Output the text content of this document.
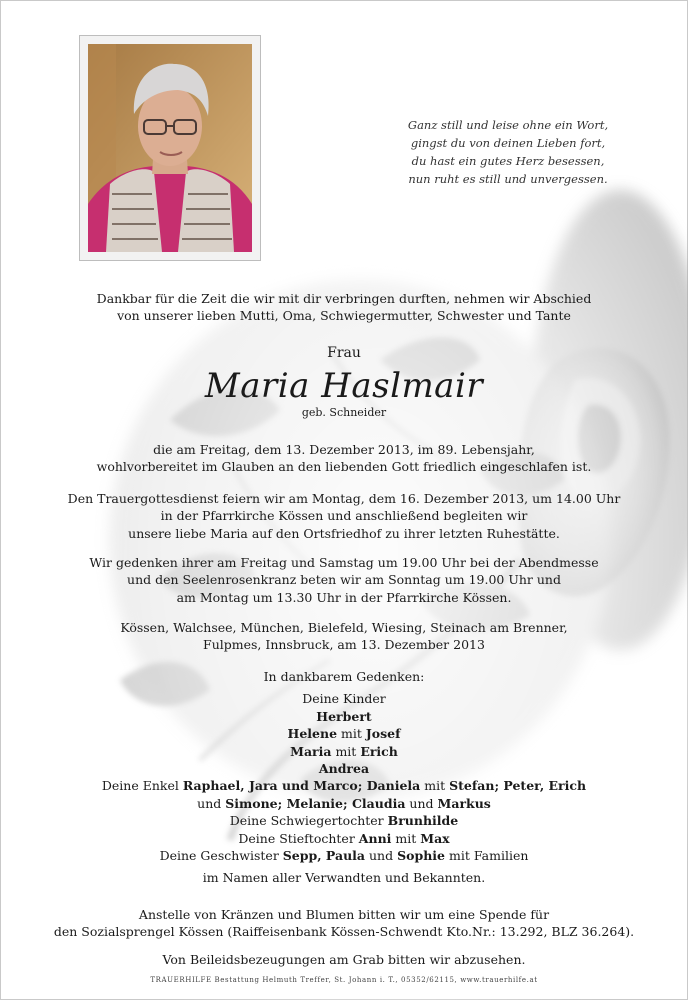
Ganz still und leise ohne ein Wort,
gingst du von deinen Lieben fort,
du hast ein gutes Herz besessen,
nun ruht es still und unvergessen.
Dankbar für die Zeit die wir mit dir verbringen durften, nehmen wir Abschied
von unserer lieben Mutti, Oma, Schwiegermutter, Schwester und Tante
Frau
Maria Haslmair
geb. Schneider
die am Freitag, dem 13. Dezember 2013, im 89. Lebensjahr,
wohlvorbereitet im Glauben an den liebenden Gott friedlich eingeschlafen ist.
Den Trauergottesdienst feiern wir am Montag, dem 16. Dezember 2013, um 14.00 Uhr
in der Pfarrkirche Kössen und anschließend begleiten wir
unsere liebe Maria auf den Ortsfriedhof zu ihrer letzten Ruhestätte.
Wir gedenken ihrer am Freitag und Samstag um 19.00 Uhr bei der Abendmesse
und den Seelenrosenkranz beten wir am Sonntag um 19.00 Uhr und
am Montag um 13.30 Uhr in der Pfarrkirche Kössen.
Kössen, Walchsee, München, Bielefeld, Wiesing, Steinach am Brenner,
Fulpmes, Innsbruck, am 13. Dezember 2013
In dankbarem Gedenken:
Deine Kinder
Herbert
Helene mit Josef
Maria mit Erich
Andrea
Deine Enkel Raphael, Jara und Marco; Daniela mit Stefan; Peter, Erich
und Simone; Melanie; Claudia und Markus
Deine Schwiegertochter Brunhilde
Deine Stieftochter Anni mit Max
Deine Geschwister Sepp, Paula und Sophie mit Familien
im Namen aller Verwandten und Bekannten.
Anstelle von Kränzen und Blumen bitten wir um eine Spende für
den Sozialsprengel Kössen (Raiffeisenbank Kössen-Schwendt Kto.Nr.: 13.292, BLZ 36.264).
Von Beileidsbezeugungen am Grab bitten wir abzusehen.
TRAUERHILFE Bestattung Helmuth Treffer, St. Johann i. T., 05352/62115, www.trauerhilfe.at
